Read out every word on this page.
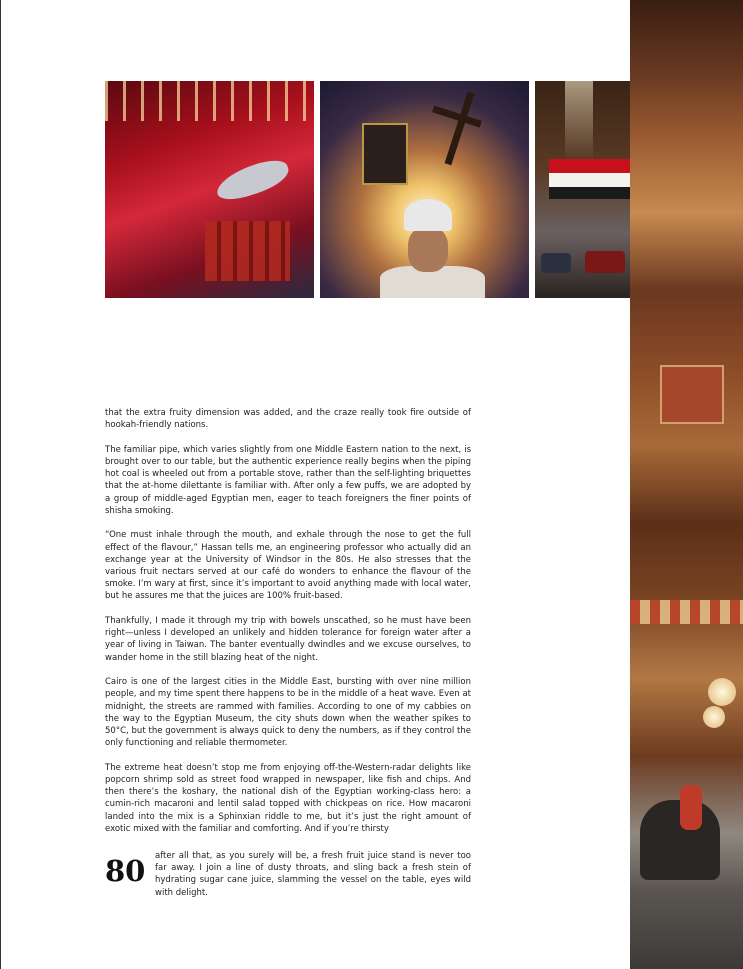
that the extra fruity dimension was added, and the craze really took fire outside of hookah-friendly nations.

The familiar pipe, which varies slightly from one Middle Eastern nation to the next, is brought over to our table, but the authentic experience really begins when the piping hot coal is wheeled out from a portable stove, rather than the self-lighting briquettes that the at-home dilettante is familiar with. After only a few puffs, we are adopted by a group of middle-aged Egyptian men, eager to teach foreigners the finer points of shisha smoking.

“One must inhale through the mouth, and exhale through the nose to get the full effect of the flavour,” Hassan tells me, an engineering professor who actually did an exchange year at the University of Windsor in the 80s. He also stresses that the various fruit nectars served at our café do wonders to enhance the flavour of the smoke. I’m wary at first, since it’s important to avoid anything made with local water, but he assures me that the juices are 100% fruit-based.

Thankfully, I made it through my trip with bowels unscathed, so he must have been right—unless I developed an unlikely and hidden tolerance for foreign water after a year of living in Taiwan. The banter eventually dwindles and we excuse ourselves, to wander home in the still blazing heat of the night.

Cairo is one of the largest cities in the Middle East, bursting with over nine million people, and my time spent there happens to be in the middle of a heat wave. Even at midnight, the streets are rammed with families. According to one of my cabbies on the way to the Egyptian Museum, the city shuts down when the weather spikes to 50°C, but the government is always quick to deny the numbers, as if they control the only functioning and reliable thermometer.

The extreme heat doesn’t stop me from enjoying off-the-Western-radar delights like popcorn shrimp sold as street food wrapped in newspaper, like fish and chips. And then there’s the koshary, the national dish of the Egyptian working-class hero: a cumin-rich macaroni and lentil salad topped with chickpeas on rice. How macaroni landed into the mix is a Sphinxian riddle to me, but it’s just the right amount of exotic mixed with the familiar and comforting. And if you’re thirsty

80 after all that, as you surely will be, a fresh fruit juice stand is never too far away. I join a line of dusty throats, and sling back a fresh stein of hydrating sugar cane juice, slamming the vessel on the table, eyes wild with delight.
